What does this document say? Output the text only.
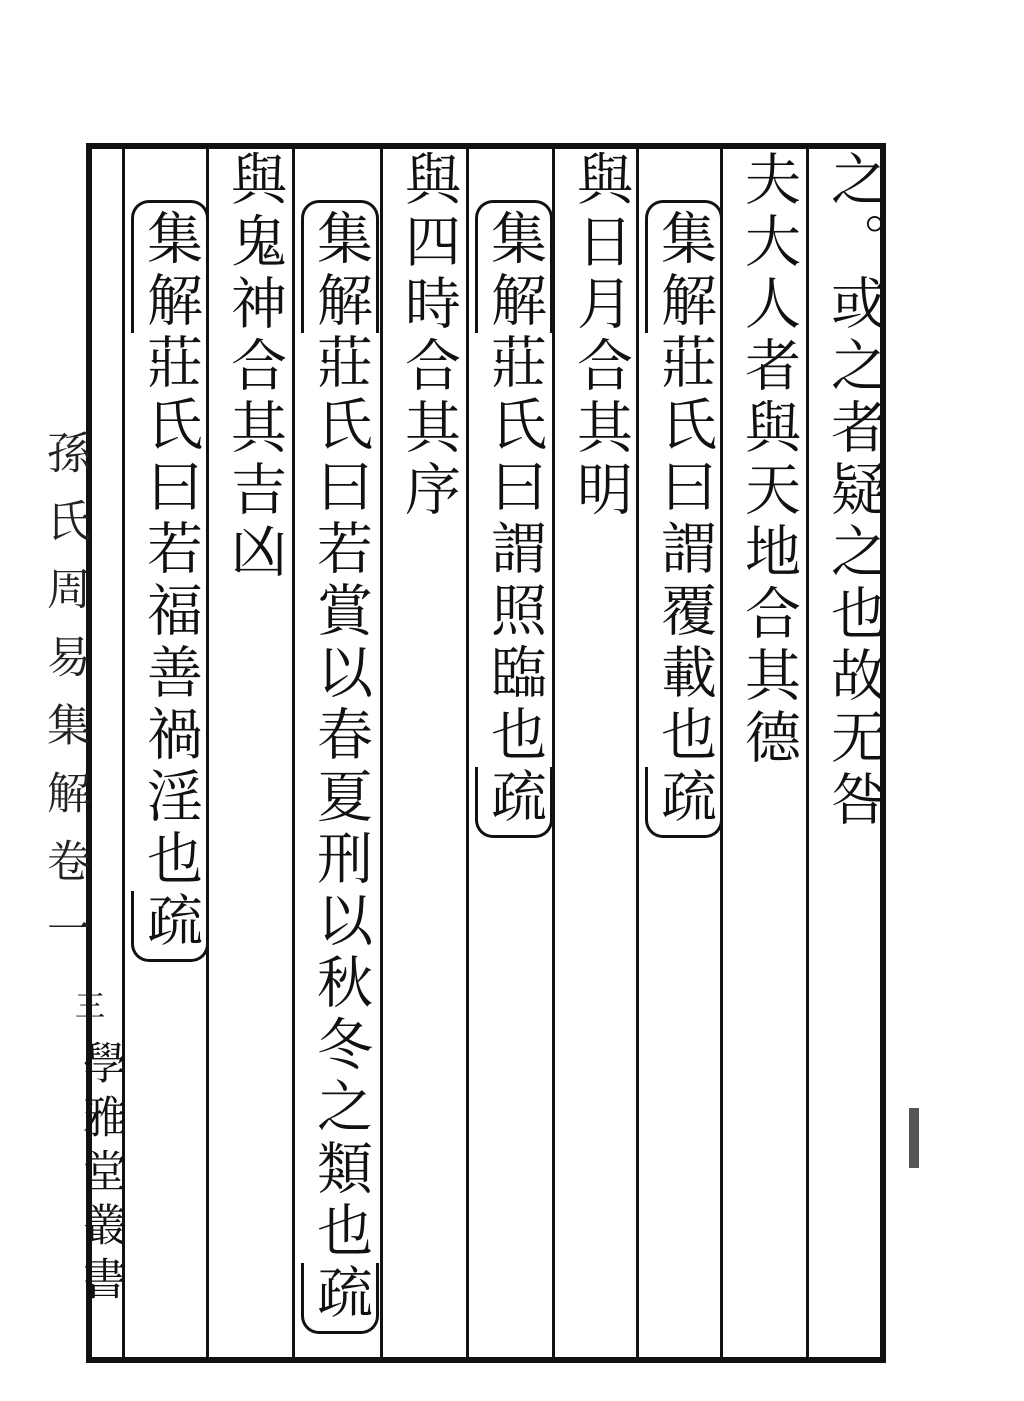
之。或之者疑之也故无咎
夫大人者與天地合其德
集解莊氏曰謂覆載也疏
與日月合其明
集解莊氏曰謂照臨也疏
與四時合其序
集解莊氏曰若賞以春夏刑以秋冬之類也疏
與鬼神合其吉凶
集解莊氏曰若福善禍淫也疏
孫氏周易集解卷一
三
學雅堂叢書
